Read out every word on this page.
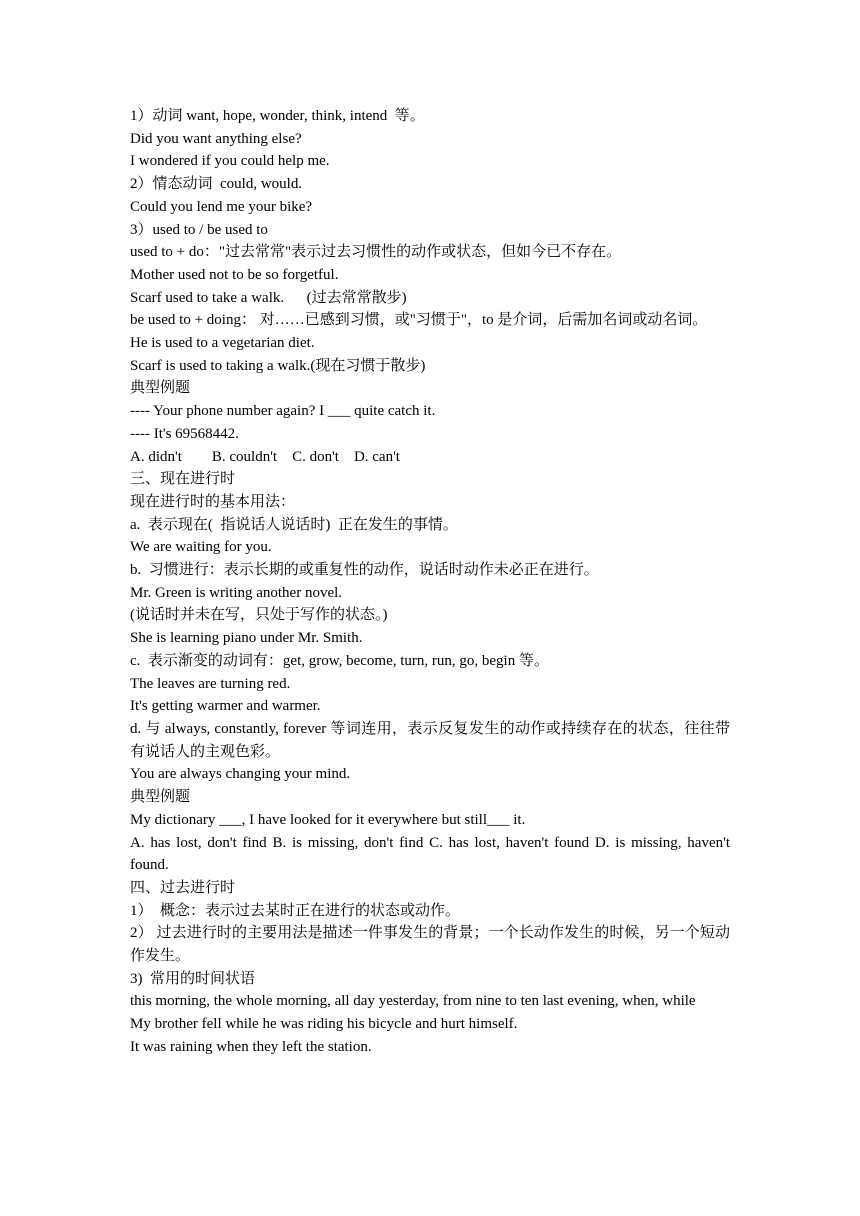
1）动词 want, hope, wonder, think, intend  等。
Did you want anything else?
I wondered if you could help me.
2）情态动词  could, would.
Could you lend me your bike?
3）used to / be used to
used to + do："过去常常"表示过去习惯性的动作或状态，但如今已不存在。
Mother used not to be so forgetful.
Scarf used to take a walk.      (过去常常散步)
be used to + doing： 对……已感到习惯，或"习惯于"，to 是介词，后需加名词或动名词。
He is used to a vegetarian diet.
Scarf is used to taking a walk.(现在习惯于散步)
典型例题
---- Your phone number again? I ___ quite catch it.
---- It's 69568442.
A. didn't        B. couldn't    C. don't    D. can't
三、现在进行时
现在进行时的基本用法：
a.  表示现在(  指说话人说话时)  正在发生的事情。
We are waiting for you.
b.  习惯进行：表示长期的或重复性的动作，说话时动作未必正在进行。
Mr. Green is writing another novel.
(说话时并未在写，只处于写作的状态。)
She is learning piano under Mr. Smith.
c.  表示渐变的动词有：get, grow, become, turn, run, go, begin 等。
The leaves are turning red.
It's getting warmer and warmer.
d. 与 always, constantly, forever 等词连用，表示反复发生的动作或持续存在的状态，往往带有说话人的主观色彩。
You are always changing your mind.
典型例题
My dictionary ___, I have looked for it everywhere but still___ it.
A. has lost, don't find B. is missing, don't find C. has lost, haven't found D. is missing, haven't found.
四、过去进行时
1）  概念：表示过去某时正在进行的状态或动作。
2） 过去进行时的主要用法是描述一件事发生的背景；一个长动作发生的时候，另一个短动作发生。
3)  常用的时间状语
this morning, the whole morning, all day yesterday, from nine to ten last evening, when, while
My brother fell while he was riding his bicycle and hurt himself.
It was raining when they left the station.
